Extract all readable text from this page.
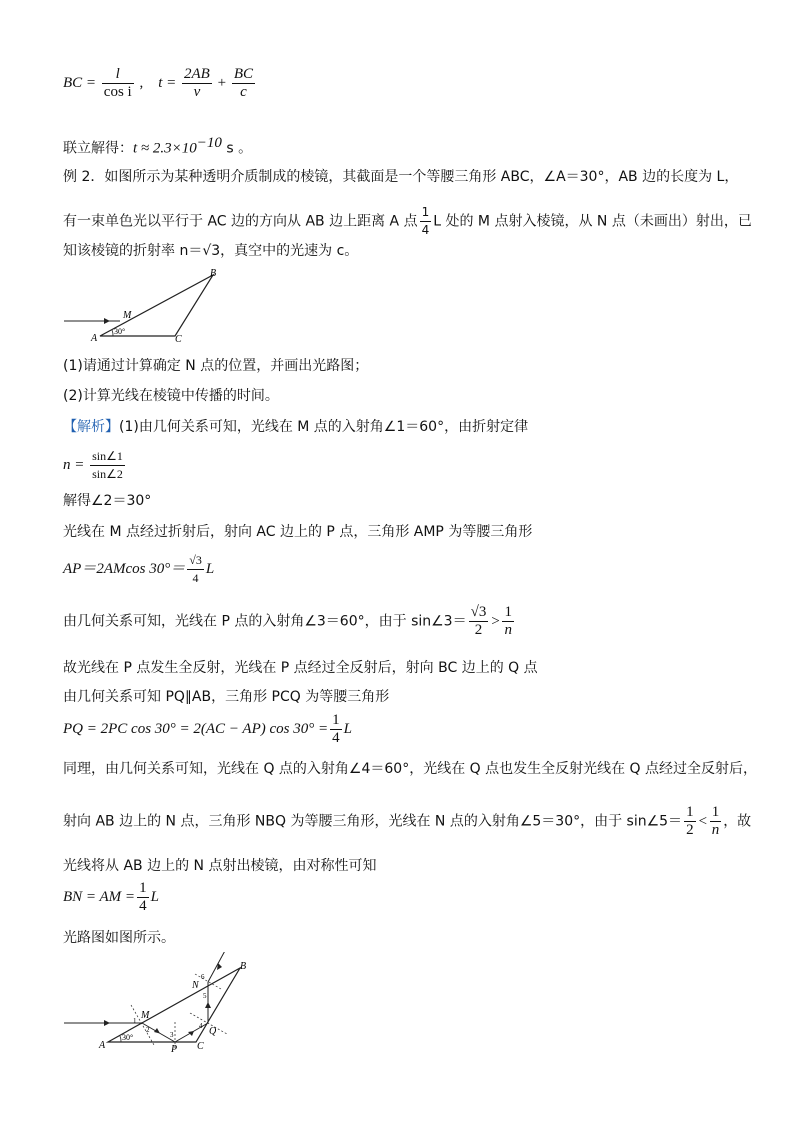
BC = $\frac{l}{\text{cos i}}$ , $t = \frac{2AB}{v} + \frac{BC}{c}$
联立解得：$t \approx 2.3\times 10^{-10}$ s 。
例 2．如图所示为某种透明介质制成的棱镜，其截面是一个等腰三角形 ABC，∠A＝30°，AB 边的长度为 L，
有一束单色光以平行于 AC 边的方向从 AB 边上距离 A 点 $\frac{1}{4}$ L 处的 M 点射入棱镜，从 N 点（未画出）射出，已
知该棱镜的折射率 n＝√3，真空中的光速为 c。
A
B
C
M
30°
(1)请通过计算确定 N 点的位置，并画出光路图；
(2)计算光线在棱镜中传播的时间。
【解析】(1)由几何关系可知，光线在 M 点的入射角∠1＝60°，由折射定律
$n = \frac{\sin\angle 1}{\sin\angle 2}$
解得∠2＝30°
光线在 M 点经过折射后，射向 AC 边上的 P 点，三角形 AMP 为等腰三角形
AP＝2AMcos $30^\circ= \frac{√3}{4}$ L
由几何关系可知，光线在 P 点的入射角∠3＝60°，由于 sin∠3＝ $\frac{√3}{2} > \frac{1}{n}$
故光线在 P 点发生全反射，光线在 P 点经过全反射后，射向 BC 边上的 Q 点
由几何关系可知 PQ∥AB，三角形 PCQ 为等腰三角形
PQ = 2PC cos 30° = 2(AC − AP) $\cos 30^\circ = \frac{1}{4}$ L
同理，由几何关系可知，光线在 Q 点的入射角∠4＝60°，光线在 Q 点也发生全反射光线在 Q 点经过全反射后，
射向 AB 边上的 N 点，三角形 NBQ 为等腰三角形，光线在 N 点的入射角∠5＝30°，由于 sin∠5＝ $\frac{1}{2} < \frac{1}{n}$ ，故
光线将从 AB 边上的 N 点射出棱镜，由对称性可知
BN = AM = $\frac{1}{4}$ L
光路图如图所示。
A
B
C
M
N
P
Q
30°
1
2
3
4
5
6
